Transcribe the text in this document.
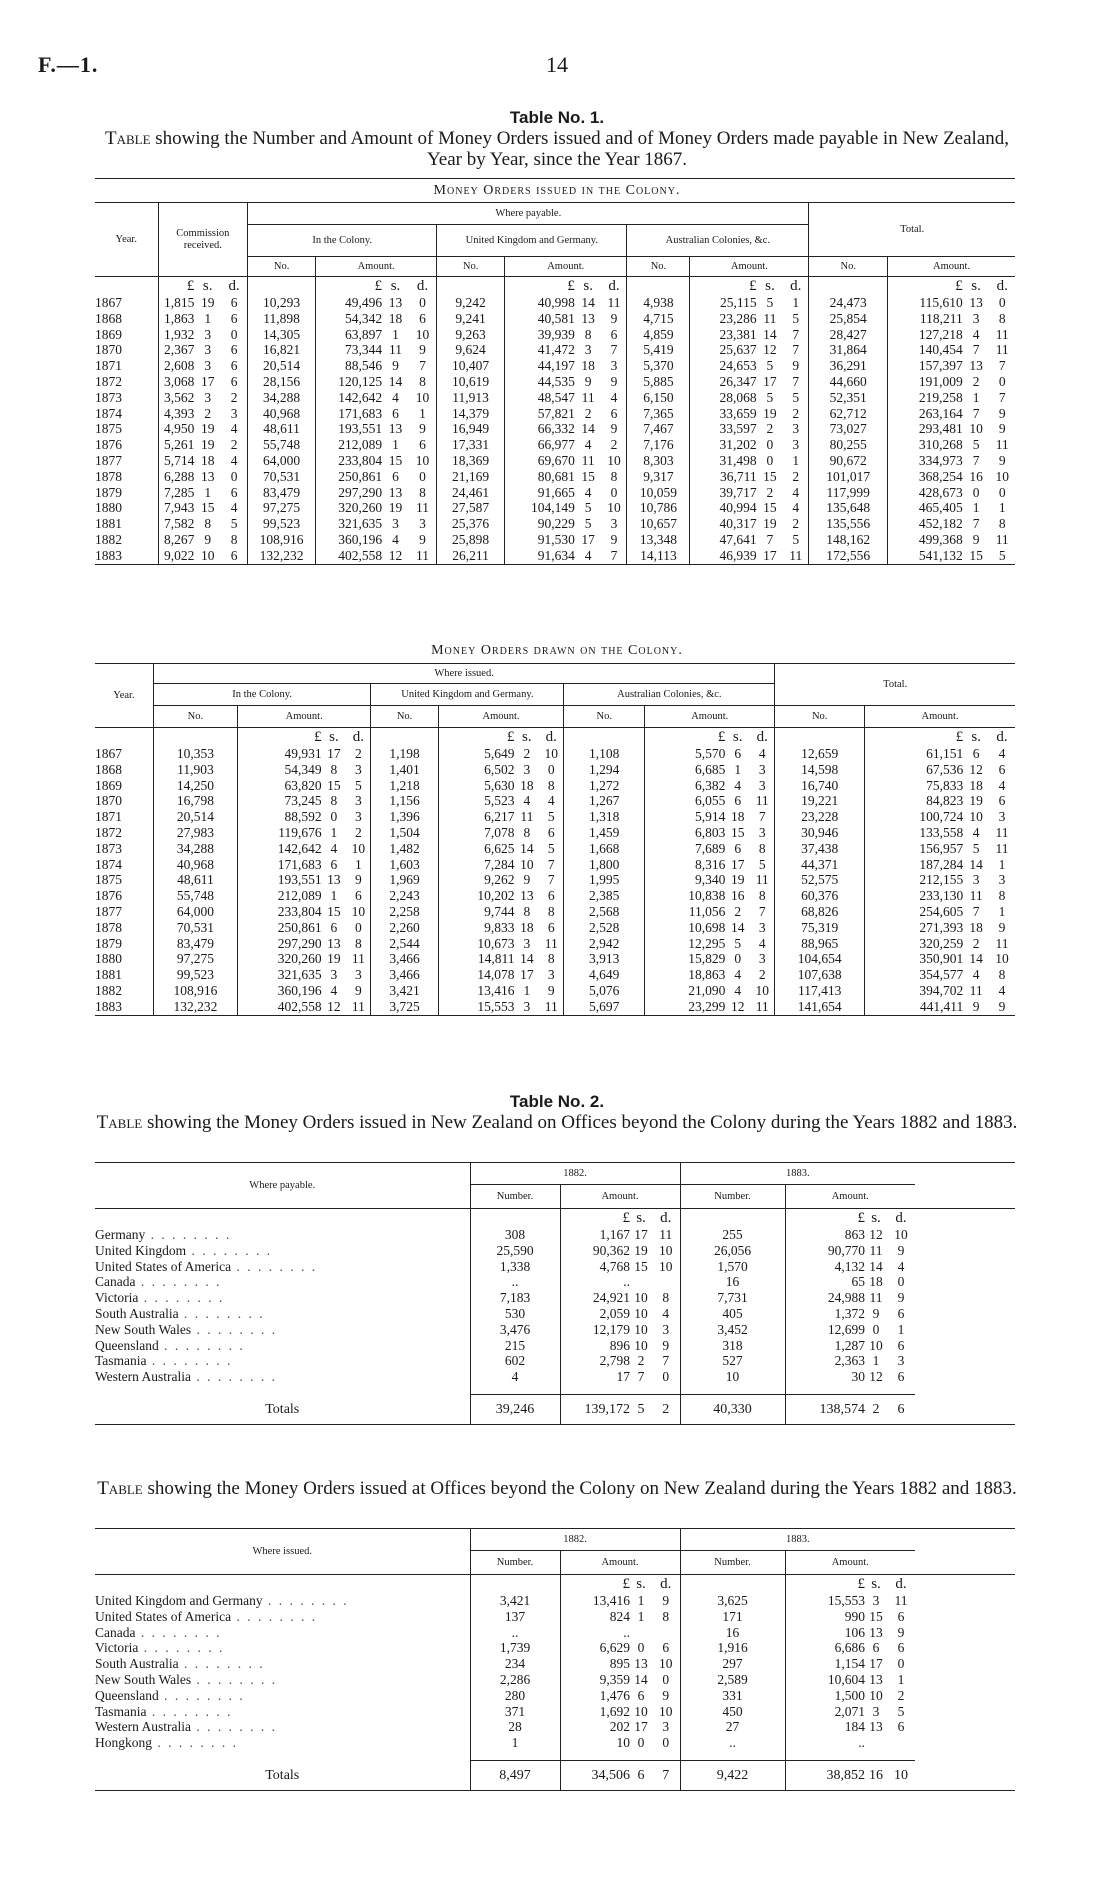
F.—1.	14
Table No. 1.
Table showing the Number and Amount of Money Orders issued and of Money Orders made payable in New Zealand, Year by Year, since the Year 1867.
Money Orders issued in the Colony.
Year.	Commission received.			Where payable.												Total.			
				In the Colony.				United Kingdom and Germany.				Australian Colonies, &c.							
				No.	Amount.			No.	Amount.			No.	Amount.			No.	Amount.		
	£	s.	d.		£	s.	d.		£	s.	d.		£	s.	d.		£	s.	d.
1867	1,815	19	6	10,293	49,496	13	0	9,242	40,998	14	11	4,938	25,115	5	1	24,473	115,610	13	0
1868	1,863	1	6	11,898	54,342	18	6	9,241	40,581	13	9	4,715	23,286	11	5	25,854	118,211	3	8
1869	1,932	3	0	14,305	63,897	1	10	9,263	39,939	8	6	4,859	23,381	14	7	28,427	127,218	4	11
1870	2,367	3	6	16,821	73,344	11	9	9,624	41,472	3	7	5,419	25,637	12	7	31,864	140,454	7	11
1871	2,608	3	6	20,514	88,546	9	7	10,407	44,197	18	3	5,370	24,653	5	9	36,291	157,397	13	7
1872	3,068	17	6	28,156	120,125	14	8	10,619	44,535	9	9	5,885	26,347	17	7	44,660	191,009	2	0
1873	3,562	3	2	34,288	142,642	4	10	11,913	48,547	11	4	6,150	28,068	5	5	52,351	219,258	1	7
1874	4,393	2	3	40,968	171,683	6	1	14,379	57,821	2	6	7,365	33,659	19	2	62,712	263,164	7	9
1875	4,950	19	4	48,611	193,551	13	9	16,949	66,332	14	9	7,467	33,597	2	3	73,027	293,481	10	9
1876	5,261	19	2	55,748	212,089	1	6	17,331	66,977	4	2	7,176	31,202	0	3	80,255	310,268	5	11
1877	5,714	18	4	64,000	233,804	15	10	18,369	69,670	11	10	8,303	31,498	0	1	90,672	334,973	7	9
1878	6,288	13	0	70,531	250,861	6	0	21,169	80,681	15	8	9,317	36,711	15	2	101,017	368,254	16	10
1879	7,285	1	6	83,479	297,290	13	8	24,461	91,665	4	0	10,059	39,717	2	4	117,999	428,673	0	0
1880	7,943	15	4	97,275	320,260	19	11	27,587	104,149	5	10	10,786	40,994	15	4	135,648	465,405	1	1
1881	7,582	8	5	99,523	321,635	3	3	25,376	90,229	5	3	10,657	40,317	19	2	135,556	452,182	7	8
1882	8,267	9	8	108,916	360,196	4	9	25,898	91,530	17	9	13,348	47,641	7	5	148,162	499,368	9	11
1883	9,022	10	6	132,232	402,558	12	11	26,211	91,634	4	7	14,113	46,939	17	11	172,556	541,132	15	5
Money Orders drawn on the Colony.
Year.	Where issued.												Total.			
	In the Colony.				United Kingdom and Germany.				Australian Colonies, &c.							
	No.	Amount.			No.	Amount.			No.	Amount.			No.	Amount.		
		£	s.	d.		£	s.	d.		£	s.	d.		£	s.	d.
1867	10,353	49,931	17	2	1,198	5,649	2	10	1,108	5,570	6	4	12,659	61,151	6	4
1868	11,903	54,349	8	3	1,401	6,502	3	0	1,294	6,685	1	3	14,598	67,536	12	6
1869	14,250	63,820	15	5	1,218	5,630	18	8	1,272	6,382	4	3	16,740	75,833	18	4
1870	16,798	73,245	8	3	1,156	5,523	4	4	1,267	6,055	6	11	19,221	84,823	19	6
1871	20,514	88,592	0	3	1,396	6,217	11	5	1,318	5,914	18	7	23,228	100,724	10	3
1872	27,983	119,676	1	2	1,504	7,078	8	6	1,459	6,803	15	3	30,946	133,558	4	11
1873	34,288	142,642	4	10	1,482	6,625	14	5	1,668	7,689	6	8	37,438	156,957	5	11
1874	40,968	171,683	6	1	1,603	7,284	10	7	1,800	8,316	17	5	44,371	187,284	14	1
1875	48,611	193,551	13	9	1,969	9,262	9	7	1,995	9,340	19	11	52,575	212,155	3	3
1876	55,748	212,089	1	6	2,243	10,202	13	6	2,385	10,838	16	8	60,376	233,130	11	8
1877	64,000	233,804	15	10	2,258	9,744	8	8	2,568	11,056	2	7	68,826	254,605	7	1
1878	70,531	250,861	6	0	2,260	9,833	18	6	2,528	10,698	14	3	75,319	271,393	18	9
1879	83,479	297,290	13	8	2,544	10,673	3	11	2,942	12,295	5	4	88,965	320,259	2	11
1880	97,275	320,260	19	11	3,466	14,811	14	8	3,913	15,829	0	3	104,654	350,901	14	10
1881	99,523	321,635	3	3	3,466	14,078	17	3	4,649	18,863	4	2	107,638	354,577	4	8
1882	108,916	360,196	4	9	3,421	13,416	1	9	5,076	21,090	4	10	117,413	394,702	11	4
1883	132,232	402,558	12	11	3,725	15,553	3	11	5,697	23,299	12	11	141,654	441,411	9	9
Table No. 2.
Table showing the Money Orders issued in New Zealand on Offices beyond the Colony during the Years 1882 and 1883.
Where payable.	1882.				1883.				
	Number.	Amount.			Number.	Amount.			
		£	s.	d.		£	s.	d.	
Germany . . . . . . . .	308	1,167	17	11	255	863	12	10	
United Kingdom . . . . . . . .	25,590	90,362	19	10	26,056	90,770	11	9	
United States of America . . . . . . . .	1,338	4,768	15	10	1,570	4,132	14	4	
Canada . . . . . . . .	..	..			16	65	18	0	
Victoria . . . . . . . .	7,183	24,921	10	8	7,731	24,988	11	9	
South Australia . . . . . . . .	530	2,059	10	4	405	1,372	9	6	
New South Wales . . . . . . . .	3,476	12,179	10	3	3,452	12,699	0	1	
Queensland . . . . . . . .	215	896	10	9	318	1,287	10	6	
Tasmania . . . . . . . .	602	2,798	2	7	527	2,363	1	3	
Western Australia . . . . . . . .	4	17	7	0	10	30	12	6	

Totals	39,246	139,172	5	2	40,330	138,574	2	6	
Table showing the Money Orders issued at Offices beyond the Colony on New Zealand during the Years 1882 and 1883.
Where issued.	1882.				1883.				
	Number.	Amount.			Number.	Amount.			
		£	s.	d.		£	s.	d.	
United Kingdom and Germany . . . . . . . .	3,421	13,416	1	9	3,625	15,553	3	11	
United States of America . . . . . . . .	137	824	1	8	171	990	15	6	
Canada . . . . . . . .	..	..			16	106	13	9	
Victoria . . . . . . . .	1,739	6,629	0	6	1,916	6,686	6	6	
South Australia . . . . . . . .	234	895	13	10	297	1,154	17	0	
New South Wales . . . . . . . .	2,286	9,359	14	0	2,589	10,604	13	1	
Queensland . . . . . . . .	280	1,476	6	9	331	1,500	10	2	
Tasmania . . . . . . . .	371	1,692	10	10	450	2,071	3	5	
Western Australia . . . . . . . .	28	202	17	3	27	184	13	6	
Hongkong . . . . . . . .	1	10	0	0	..	..			

Totals	8,497	34,506	6	7	9,422	38,852	16	10	
